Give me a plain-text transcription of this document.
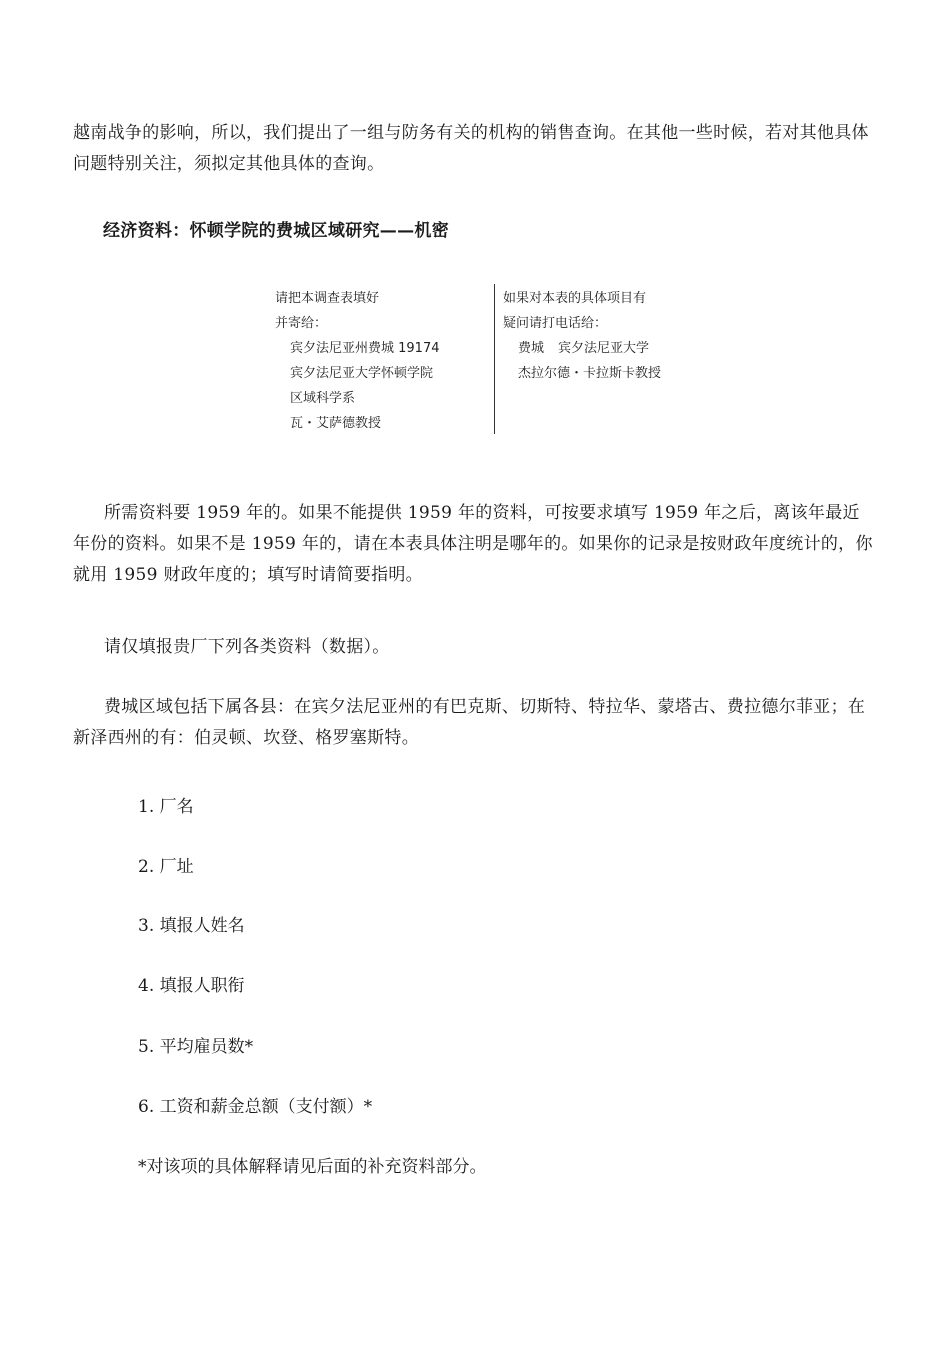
越南战争的影响，所以，我们提出了一组与防务有关的机构的销售查询。在其他一些时候，若对其他具体问题特别关注，须拟定其他具体的查询。

经济资料：怀顿学院的费城区域研究——机密

请把本调查表填好
并寄给：
宾夕法尼亚州费城 19174
宾夕法尼亚大学怀顿学院
区域科学系
瓦・艾萨德教授
如果对本表的具体项目有
疑问请打电话给：
费城 宾夕法尼亚大学
杰拉尔德・卡拉斯卡教授

所需资料要 1959 年的。如果不能提供 1959 年的资料，可按要求填写 1959 年之后，离该年最近年份的资料。如果不是 1959 年的，请在本表具体注明是哪年的。如果你的记录是按财政年度统计的，你就用 1959 财政年度的；填写时请简要指明。

请仅填报贵厂下列各类资料（数据）。

费城区域包括下属各县：在宾夕法尼亚州的有巴克斯、切斯特、特拉华、蒙塔古、费拉德尔菲亚；在新泽西州的有：伯灵顿、坎登、格罗塞斯特。

1. 厂名

2. 厂址

3. 填报人姓名

4. 填报人职衔

5. 平均雇员数*

6. 工资和薪金总额（支付额）*

*对该项的具体解释请见后面的补充资料部分。
